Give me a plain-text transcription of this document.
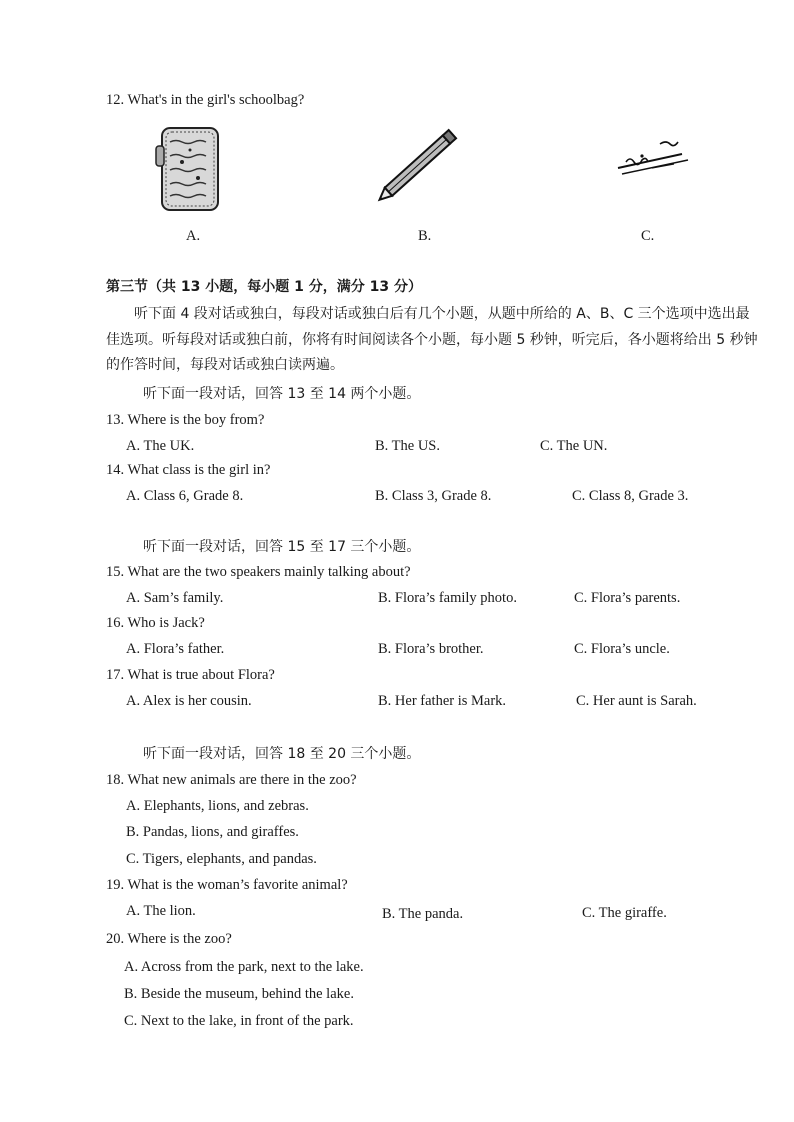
12. What's in the girl's schoolbag?
A.	B.	C.
第三节（共 13 小题，每小题 1 分，满分 13 分）
听下面 4 段对话或独白，每段对话或独白后有几个小题，从题中所给的 A、B、C 三个选项中选出最佳选项。听每段对话或独白前，你将有时间阅读各个小题，每小题 5 秒钟，听完后，各小题将给出 5 秒钟的作答时间，每段对话或独白读两遍。
听下面一段对话，回答 13 至 14 两个小题。
13. Where is the boy from?
A. The UK.	B. The US.	C. The UN.
14. What class is the girl in?
A. Class 6, Grade 8.	B. Class 3, Grade 8.	C. Class 8, Grade 3.
听下面一段对话，回答 15 至 17 三个小题。
15. What are the two speakers mainly talking about?
A. Sam’s family.	B. Flora’s family photo.	C. Flora’s parents.
16. Who is Jack?
A. Flora’s father.	B. Flora’s brother.	C. Flora’s uncle.
17. What is true about Flora?
A. Alex is her cousin.	B. Her father is Mark.	C. Her aunt is Sarah.
听下面一段对话，回答 18 至 20 三个小题。
18. What new animals are there in the zoo?
A. Elephants, lions, and zebras.
B. Pandas, lions, and giraffes.
C. Tigers, elephants, and pandas.
19. What is the woman’s favorite animal?
A. The lion.	B. The panda.	C. The giraffe.
20. Where is the zoo?
A. Across from the park, next to the lake.
B. Beside the museum, behind the lake.
C. Next to the lake, in front of the park.
